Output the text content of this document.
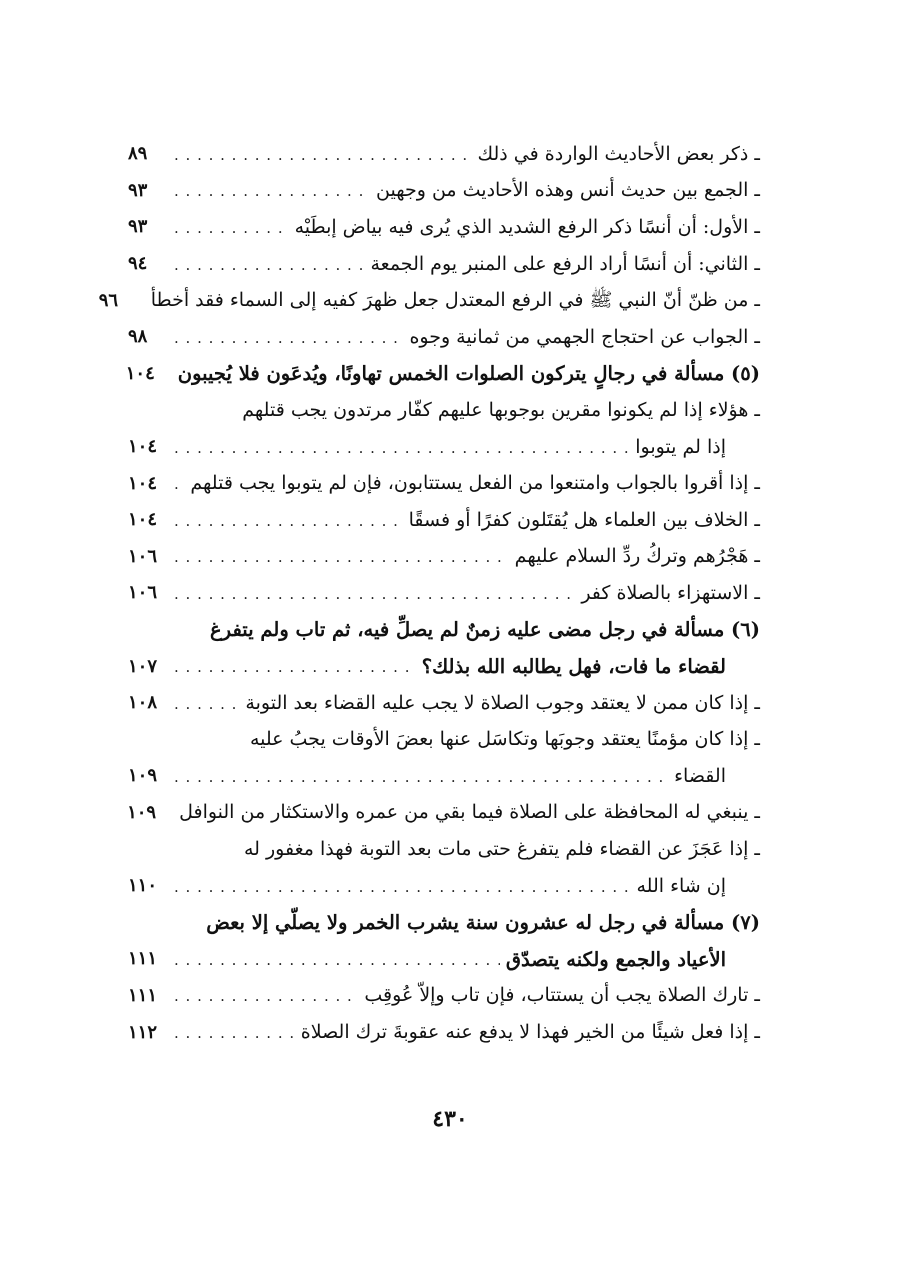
ـ ذكر بعض الأحاديث الواردة في ذلك
. . .
٨٩
ـ الجمع بين حديث أنس وهذه الأحاديث من وجهين
. . .
٩٣
ـ الأول: أن أنسًا ذكر الرفع الشديد الذي يُرى فيه بياض إبطَيْه
. . .
٩٣
ـ الثاني: أن أنسًا أراد الرفع على المنبر يوم الجمعة
. . .
٩٤
ـ من ظنّ أنّ النبي ﷺ في الرفع المعتدل جعل ظهرَ كفيه إلى السماء فقد أخطأ
٩٦
ـ الجواب عن احتجاج الجهمي من ثمانية وجوه
. . .
٩٨
(٥) مسألة في رجالٍ يتركون الصلوات الخمس تهاونًا، ويُدعَون فلا يُجيبون
١٠٤
ـ هؤلاء إذا لم يكونوا مقرين بوجوبها عليهم كفّار مرتدون يجب قتلهم
إذا لم يتوبوا
. . .
١٠٤
ـ إذا أقروا بالجواب وامتنعوا من الفعل يستتابون، فإن لم يتوبوا يجب قتلهم
. . .
١٠٤
ـ الخلاف بين العلماء هل يُقتَلون كفرًا أو فسقًا
. . .
١٠٤
ـ هَجْرُهم وتركُ ردِّ السلام عليهم
. . .
١٠٦
ـ الاستهزاء بالصلاة كفر
. . .
١٠٦
(٦) مسألة في رجل مضى عليه زمنٌ لم يصلِّ فيه، ثم تاب ولم يتفرغ
لقضاء ما فات، فهل يطالبه الله بذلك؟
. . .
١٠٧
ـ إذا كان ممن لا يعتقد وجوب الصلاة لا يجب عليه القضاء بعد التوبة
. . .
١٠٨
ـ إذا كان مؤمنًا يعتقد وجوبَها وتكاسَل عنها بعضَ الأوقات يجبُ عليه
القضاء
. . .
١٠٩
ـ ينبغي له المحافظة على الصلاة فيما بقي من عمره والاستكثار من النوافل
١٠٩
ـ إذا عَجَزَ عن القضاء فلم يتفرغ حتى مات بعد التوبة فهذا مغفور له
إن شاء الله
. . .
١١٠
(٧) مسألة في رجل له عشرون سنة يشرب الخمر ولا يصلّي إلا بعض
الأعياد والجمع ولكنه يتصدّق
. . .
١١١
ـ تارك الصلاة يجب أن يستتاب، فإن تاب وإلاّ عُوقِب
. . .
١١١
ـ إذا فعل شيئًا من الخير فهذا لا يدفع عنه عقوبةَ ترك الصلاة
. . .
١١٢
٤٣٠
